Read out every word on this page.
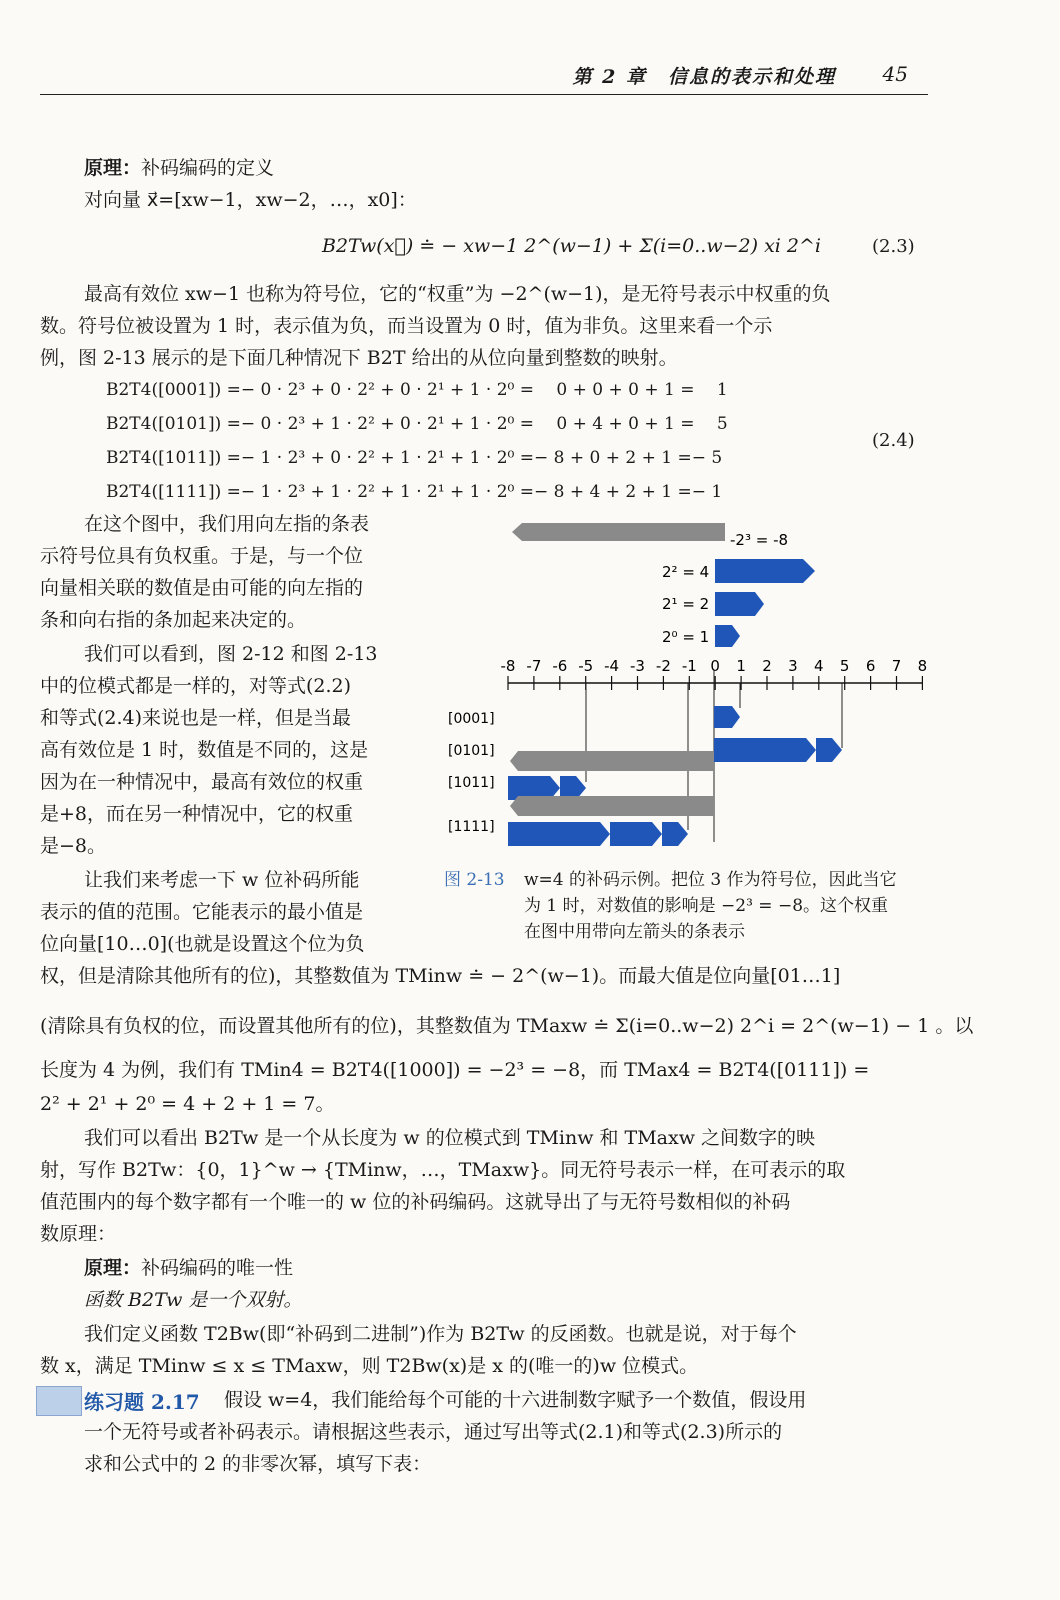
第 2 章　信息的表示和处理 45
原理：补码编码的定义
对向量 x⃗=[xw−1，xw−2，…，x0]：
B2Tw(x⃗) ≐ − xw−1 2^(w−1) + Σ(i=0..w−2) xi 2^i	(2.3)
最高有效位 xw−1 也称为符号位，它的“权重”为 −2^(w−1)，是无符号表示中权重的负
数。符号位被设置为 1 时，表示值为负，而当设置为 0 时，值为非负。这里来看一个示
例，图 2-13 展示的是下面几种情况下 B2T 给出的从位向量到整数的映射。
B2T4([0001]) =− 0 · 2³ + 0 · 2² + 0 · 2¹ + 1 · 2⁰ =　 0 + 0 + 0 + 1 =　 1
B2T4([0101]) =− 0 · 2³ + 1 · 2² + 0 · 2¹ + 1 · 2⁰ =　 0 + 4 + 0 + 1 =　 5
B2T4([1011]) =− 1 · 2³ + 0 · 2² + 1 · 2¹ + 1 · 2⁰ =− 8 + 0 + 2 + 1 =− 5
B2T4([1111]) =− 1 · 2³ + 1 · 2² + 1 · 2¹ + 1 · 2⁰ =− 8 + 4 + 2 + 1 =− 1
(2.4)
在这个图中，我们用向左指的条表
示符号位具有负权重。于是，与一个位
向量相关联的数值是由可能的向左指的
条和向右指的条加起来决定的。
我们可以看到，图 2-12 和图 2-13
中的位模式都是一样的，对等式(2.2)
和等式(2.4)来说也是一样，但是当最
高有效位是 1 时，数值是不同的，这是
因为在一种情况中，最高有效位的权重
是+8，而在另一种情况中，它的权重
是−8。
让我们来考虑一下 w 位补码所能
表示的值的范围。它能表示的最小值是
位向量[10…0](也就是设置这个位为负
-2³ = -8
2² = 4
2¹ = 2
2⁰ = 1
-8 -7 -6 -5 -4 -3 -2 -1 0 1 2 3 4 5 6 7 8
[0001]
[0101]
[1011]
[1111]
图 2-13 w=4 的补码示例。把位 3 作为符号位，因此当它
为 1 时，对数值的影响是 −2³ = −8。这个权重
在图中用带向左箭头的条表示
权，但是清除其他所有的位)，其整数值为 TMinw ≐ − 2^(w−1)。而最大值是位向量[01…1]
(清除具有负权的位，而设置其他所有的位)，其整数值为 TMaxw ≐ Σ(i=0..w−2) 2^i = 2^(w−1) − 1 。以
长度为 4 为例，我们有 TMin4 = B2T4([1000]) = −2³ = −8，而 TMax4 = B2T4([0111]) =
2² + 2¹ + 2⁰ = 4 + 2 + 1 = 7。
我们可以看出 B2Tw 是一个从长度为 w 的位模式到 TMinw 和 TMaxw 之间数字的映
射，写作 B2Tw：{0，1}^w → {TMinw，…，TMaxw}。同无符号表示一样，在可表示的取
值范围内的每个数字都有一个唯一的 w 位的补码编码。这就导出了与无符号数相似的补码
数原理：
原理：补码编码的唯一性
函数 B2Tw 是一个双射。
我们定义函数 T2Bw(即“补码到二进制”)作为 B2Tw 的反函数。也就是说，对于每个
数 x，满足 TMinw ≤ x ≤ TMaxw，则 T2Bw(x)是 x 的(唯一的)w 位模式。
练习题 2.17 假设 w=4，我们能给每个可能的十六进制数字赋予一个数值，假设用
一个无符号或者补码表示。请根据这些表示，通过写出等式(2.1)和等式(2.3)所示的
求和公式中的 2 的非零次幂，填写下表：
